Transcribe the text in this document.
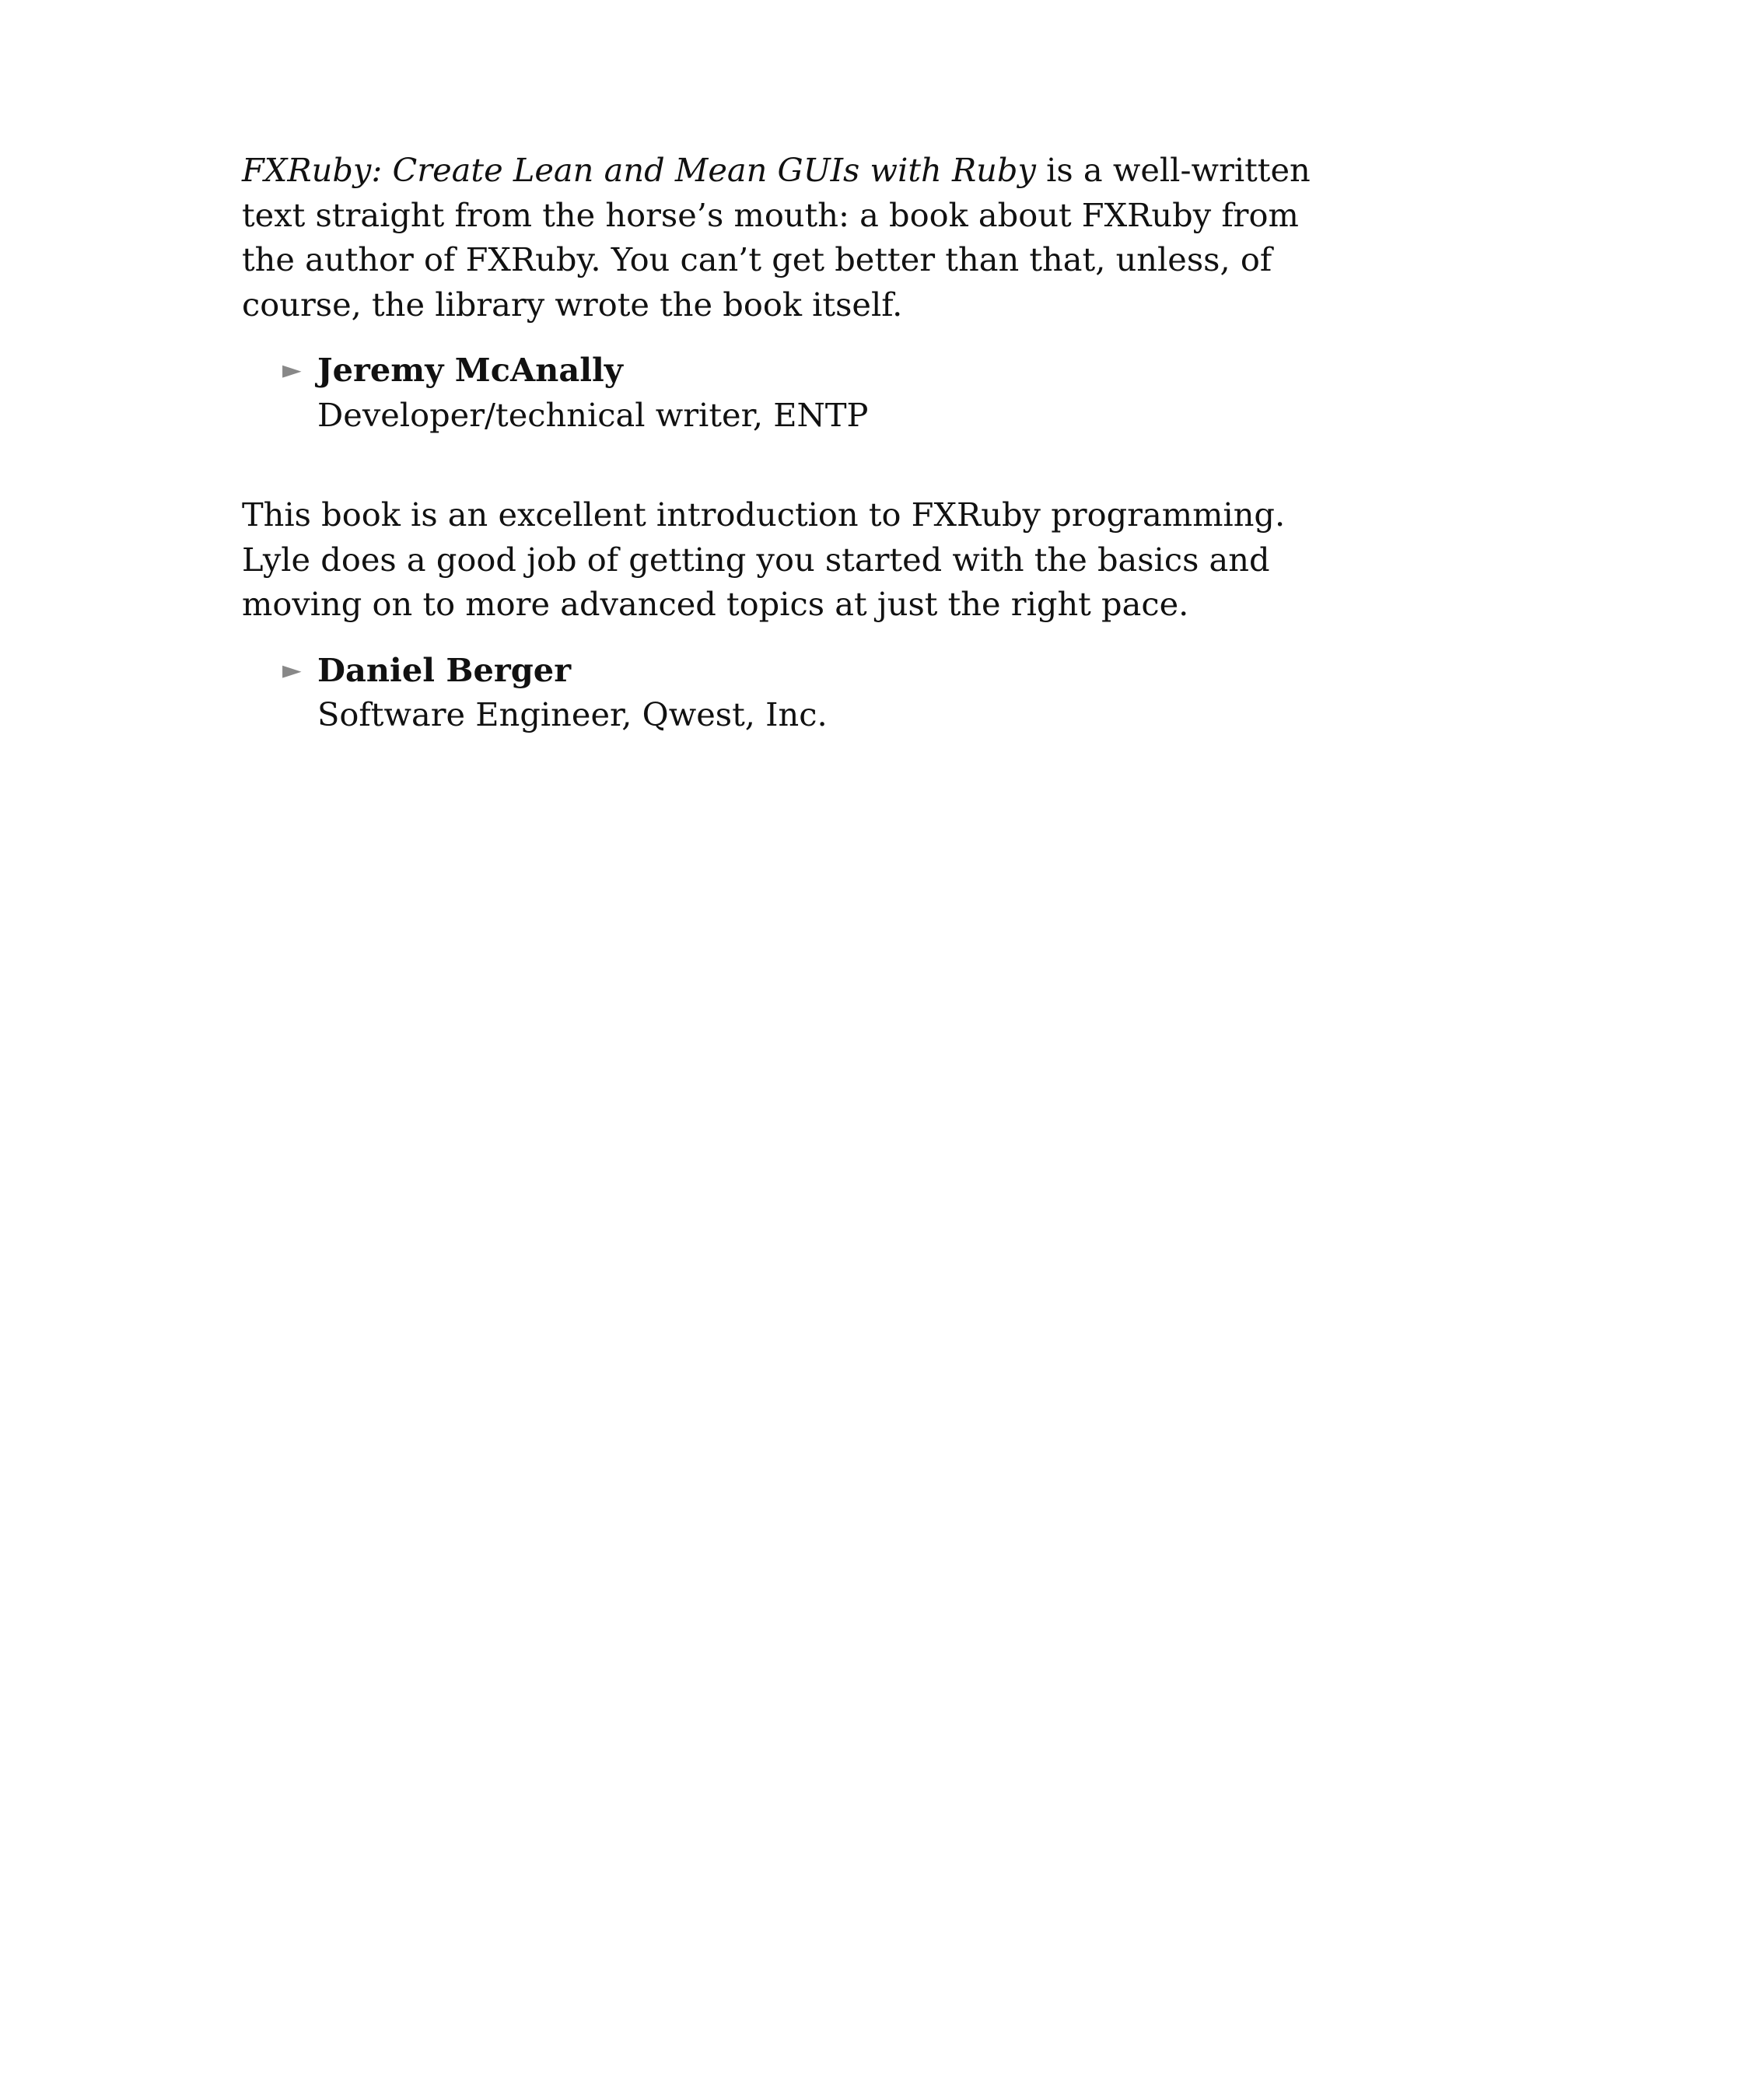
FXRuby: Create Lean and Mean GUIs with Ruby is a well-written text straight from the horse’s mouth: a book about FXRuby from the author of FXRuby. You can’t get better than that, unless, of course, the library wrote the book itself.

► Jeremy McAnally
Developer/technical writer, ENTP

This book is an excellent introduction to FXRuby programming. Lyle does a good job of getting you started with the basics and moving on to more advanced topics at just the right pace.

► Daniel Berger
Software Engineer, Qwest, Inc.
